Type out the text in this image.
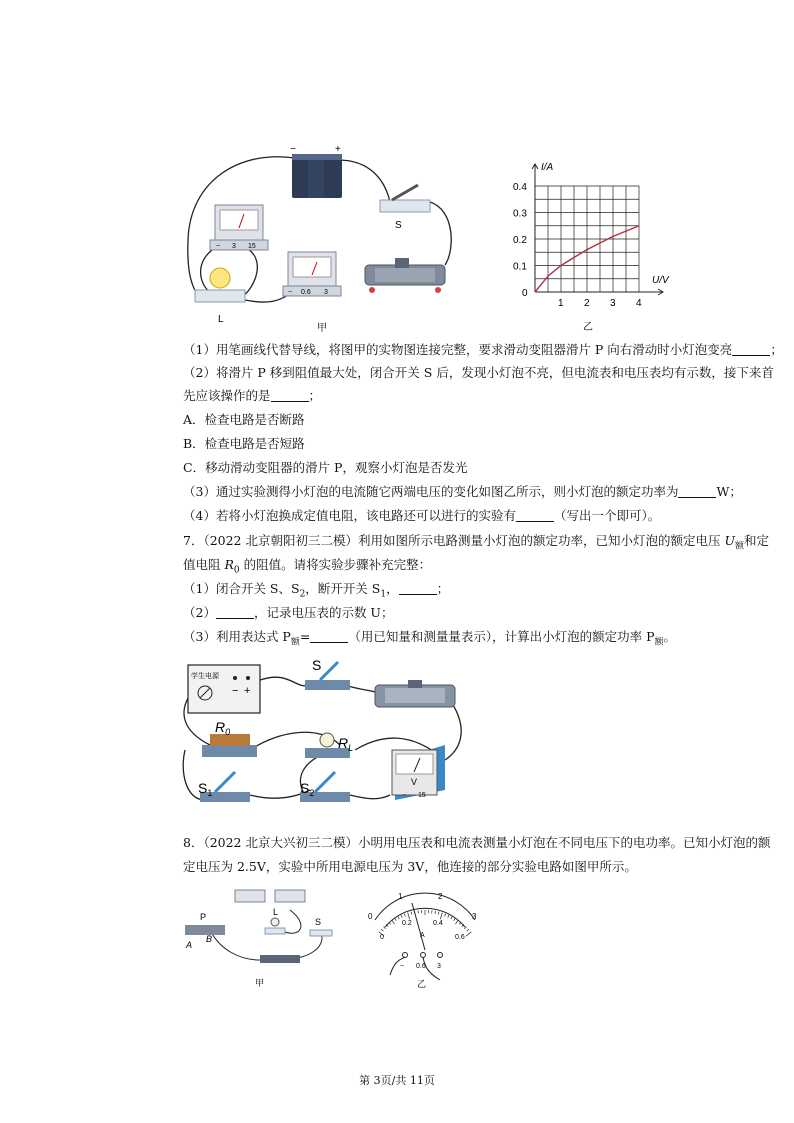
−	+
S
− 3 15
L
− 0.6 3
甲
1 2 3 4
0.1
0.2
0.3
0.4
I/A
U/V
0
乙
（1）用笔画线代替导线，将图甲的实物图连接完整，要求滑动变阻器滑片 P 向右滑动时小灯泡变亮	；
（2）将滑片 P 移到阻值最大处，闭合开关 S 后，发现小灯泡不亮，但电流表和电压表均有示数，接下来首
先应该操作的是	；
A．检查电路是否断路
B．检查电路是否短路
C．移动滑动变阻器的滑片 P，观察小灯泡是否发光
（3）通过实验测得小灯泡的电流随它两端电压的变化如图乙所示，则小灯泡的额定功率为	W；
（4）若将小灯泡换成定值电阻，该电路还可以进行的实验有	（写出一个即可）。
7．（2022 北京朝阳初三二模）利用如图所示电路测量小灯泡的额定功率，已知小灯泡的额定电压 $U_额$和定
值电阻 $R_0$ 的阻值。请将实验步骤补充完整：
（1）闭合开关 S、$S_2$，断开开关 $S_1$，	；
（2）	，记录电压表的示数 U；
（3）利用表达式 $P_额=$	（用已知量和测量量表示），计算出小灯泡的额定功率 $P_额$。
学生电源
− +
S
$R_0$
$R_L$
$S_1$	$S_2$
V
− 15
8．（2022 北京大兴初三二模）小明用电压表和电流表测量小灯泡在不同电压下的电功率。已知小灯泡的额
定电压为 2.5V，实验中所用电源电压为 3V，他连接的部分实验电路如图甲所示。
P
A
B
L
S
甲
0
1	2
3
0
0.2	0.4
0.6
A
− 0.6 3
乙
第 3页/共 11页
